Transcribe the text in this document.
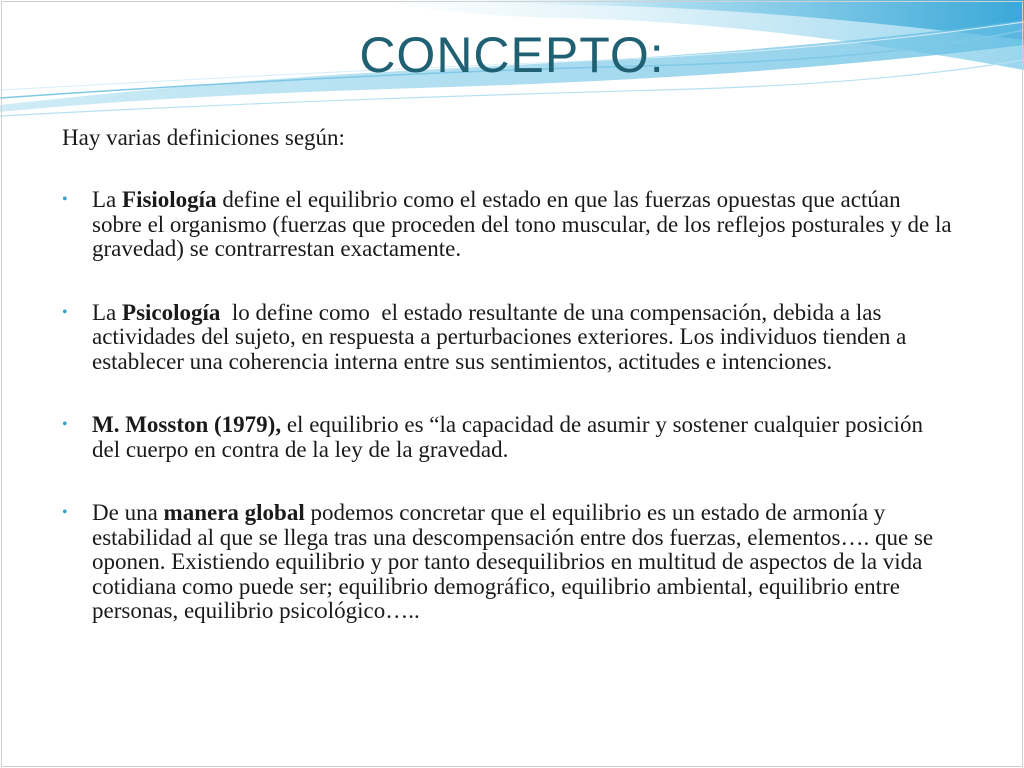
CONCEPTO:
Hay varias definiciones según:
•	La Fisiología define el equilibrio como el estado en que las fuerzas opuestas que actúan sobre el organismo (fuerzas que proceden del tono muscular, de los reflejos posturales y de la gravedad) se contrarrestan exactamente.
•	La Psicología  lo define como  el estado resultante de una compensación, debida a las actividades del sujeto, en respuesta a perturbaciones exteriores. Los individuos tienden a establecer una coherencia interna entre sus sentimientos, actitudes e intenciones.
•	M. Mosston (1979), el equilibrio es “la capacidad de asumir y sostener cualquier posición del cuerpo en contra de la ley de la gravedad.
•	De una manera global podemos concretar que el equilibrio es un estado de armonía y estabilidad al que se llega tras una descompensación entre dos fuerzas, elementos…. que se oponen. Existiendo equilibrio y por tanto desequilibrios en multitud de aspectos de la vida cotidiana como puede ser; equilibrio demográfico, equilibrio ambiental, equilibrio entre personas, equilibrio psicológico…..
